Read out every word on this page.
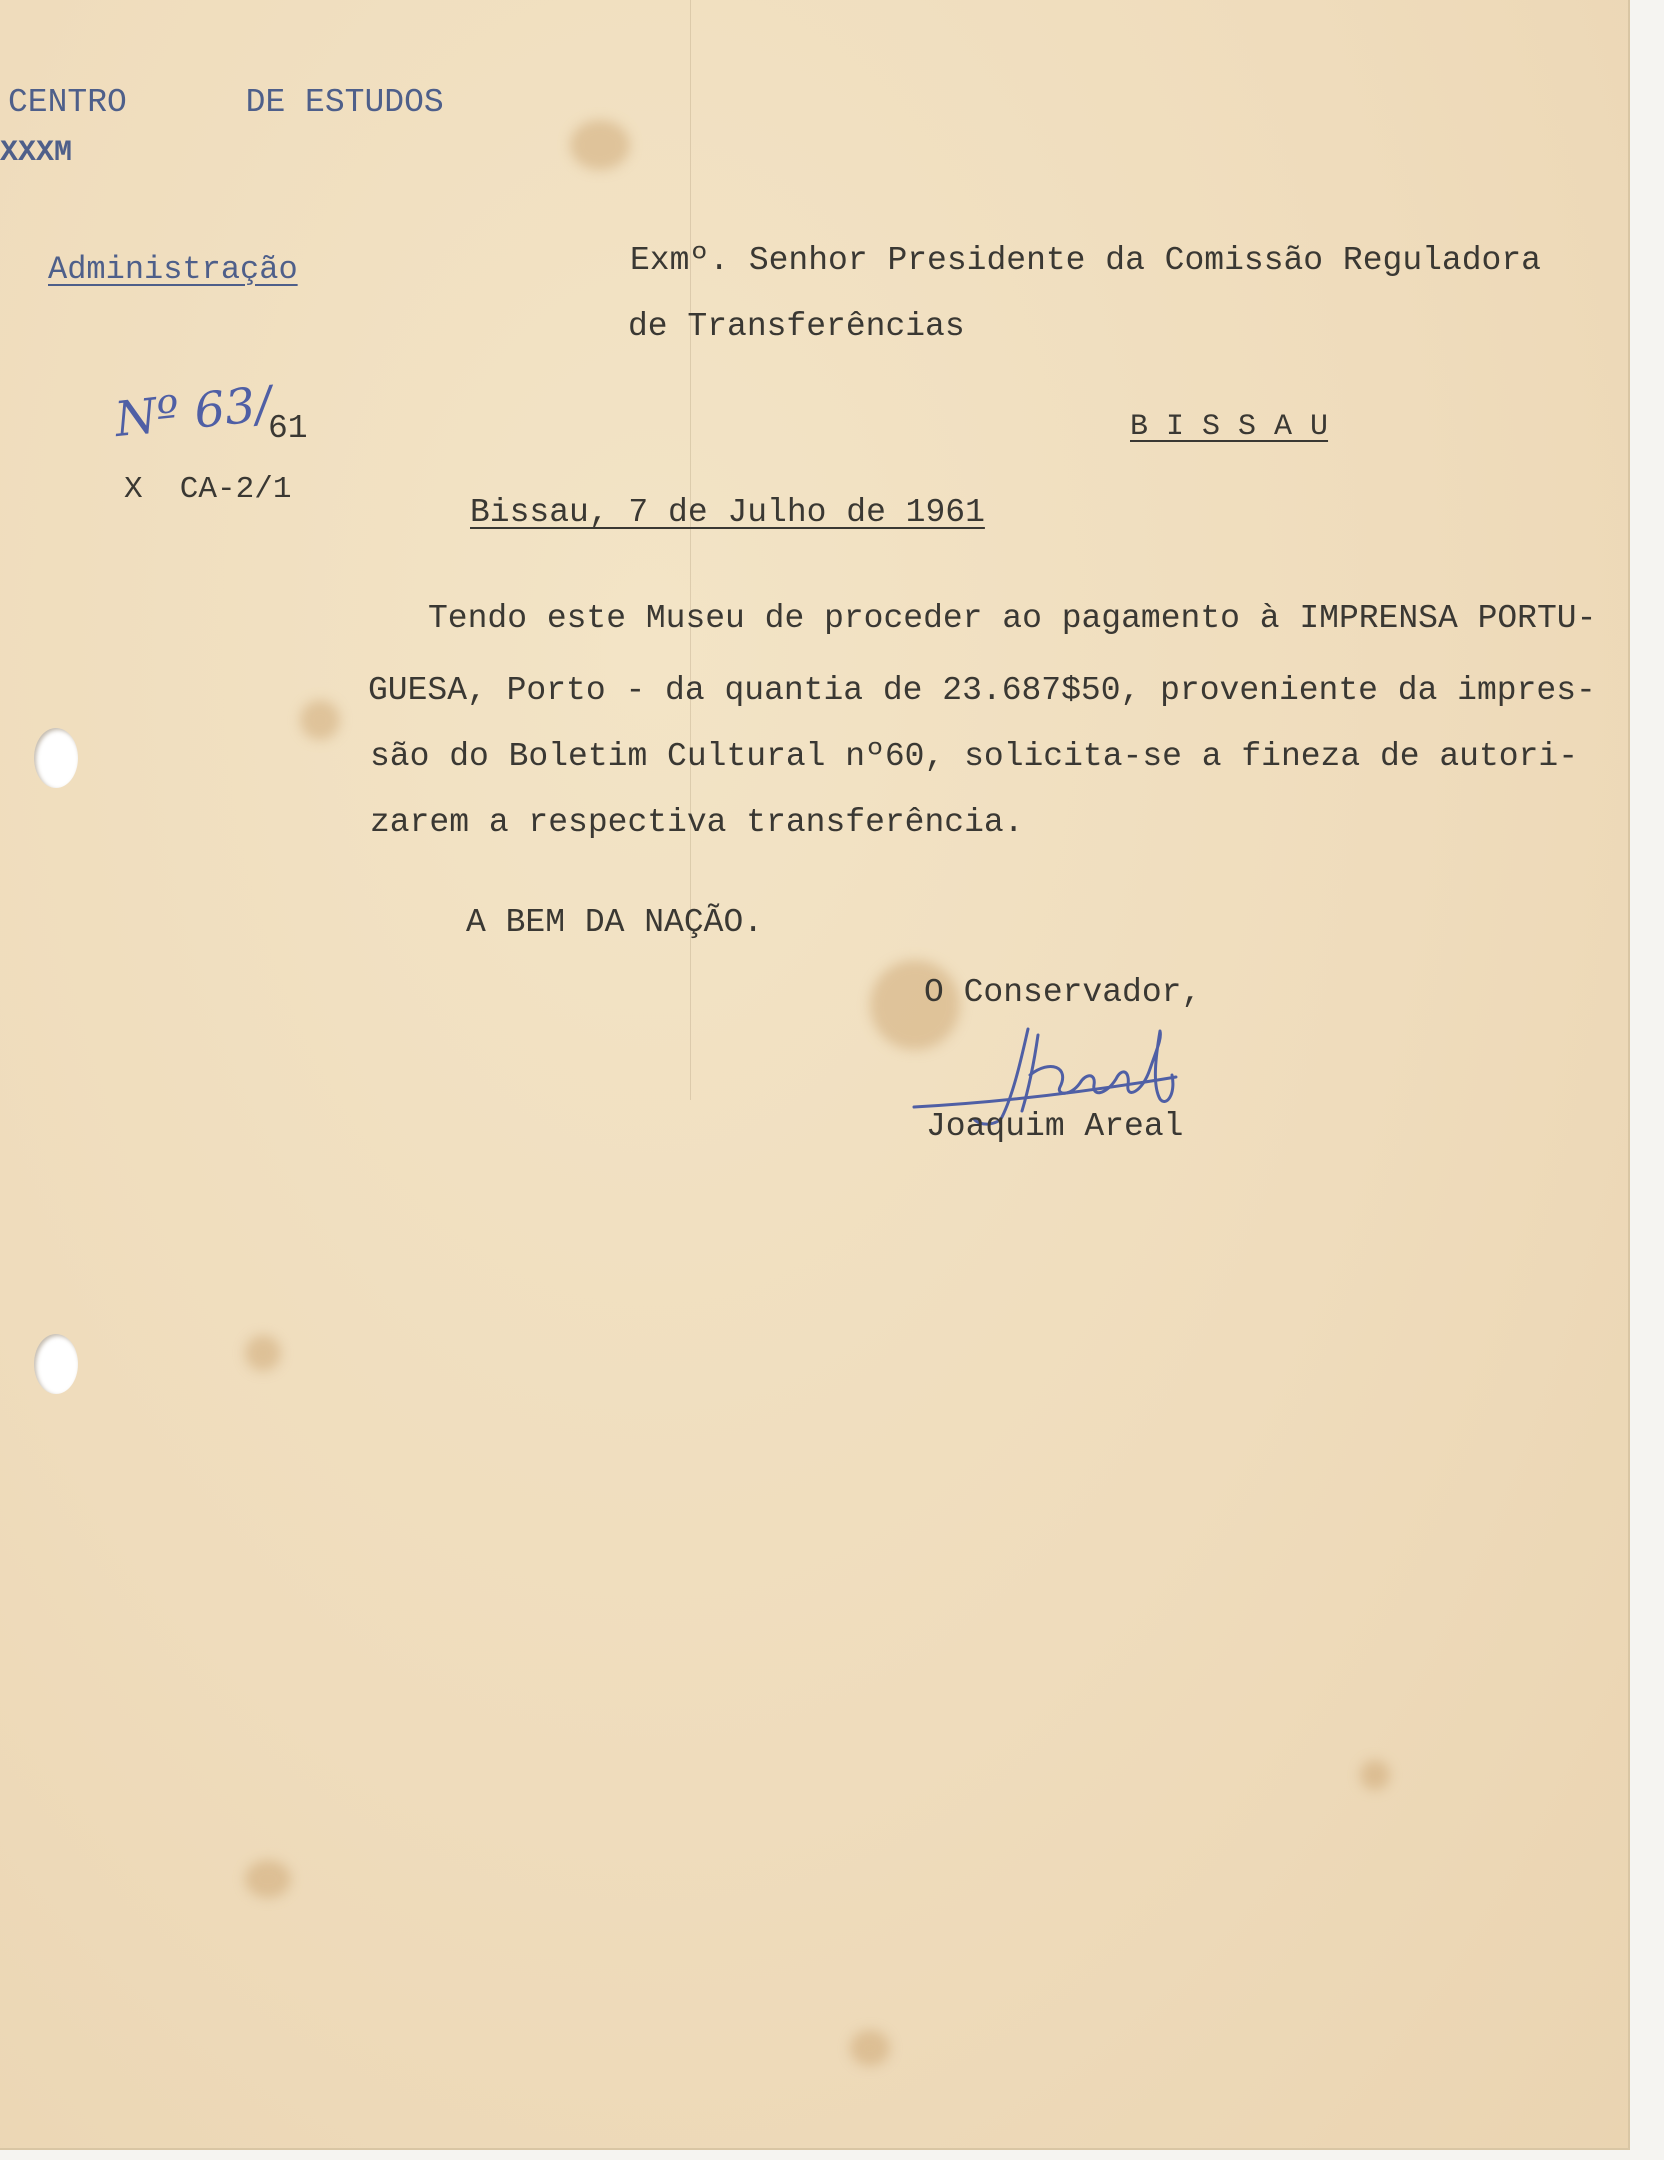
CENTRO      DE ESTUDOS

XXXM

Administração

Nº 63/

61

X  CA-2/1

Exmº. Senhor Presidente da Comissão Reguladora

de Transferências

B I S S A U

Bissau, 7 de Julho de 1961

Tendo este Museu de proceder ao pagamento à IMPRENSA PORTU-

GUESA, Porto - da quantia de 23.687$50, proveniente da impres-

são do Boletim Cultural nº60, solicita-se a fineza de autori-

zarem a respectiva transferência.

A BEM DA NAÇÃO.

O Conservador,

Joaquim Areal
